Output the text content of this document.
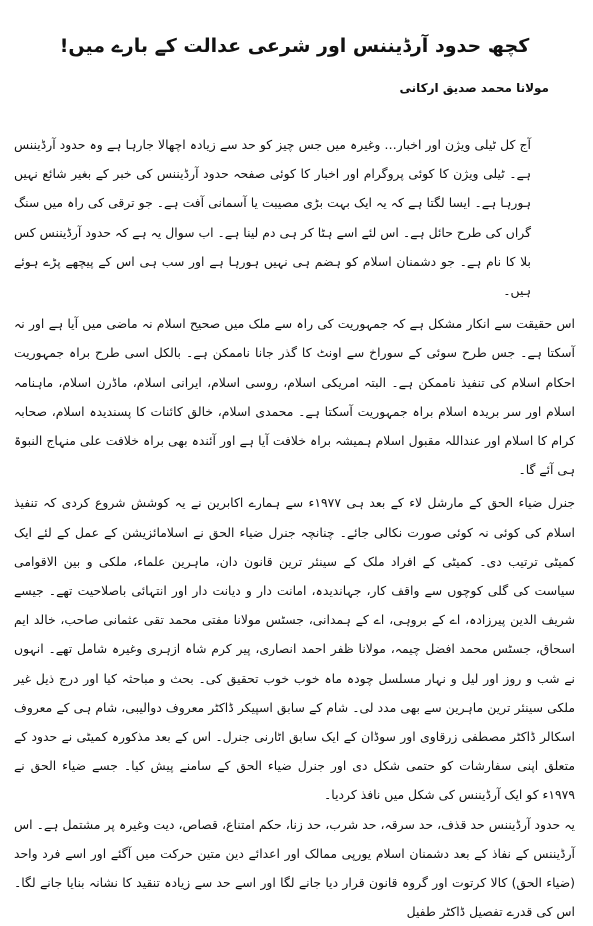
کچھ حدود آرڈیننس اور شرعی عدالت کے بارے میں!
مولانا محمد صدیق ارکانی

آج کل ٹیلی ویژن اور اخبار… وغیرہ میں جس چیز کو حد سے زیادہ اچھالا جارہا ہے وہ حدود آرڈیننس ہے۔ ٹیلی ویژن کا کوئی پروگرام اور اخبار کا کوئی صفحہ حدود آرڈیننس کی خبر کے بغیر شائع نہیں ہورہا ہے۔ ایسا لگتا ہے کہ یہ ایک بہت بڑی مصیبت یا آسمانی آفت ہے۔ جو ترقی کی راہ میں سنگ گراں کی طرح حائل ہے۔ اس لئے اسے ہٹا کر ہی دم لینا ہے۔ اب سوال یہ ہے کہ حدود آرڈیننس کس بلا کا نام ہے۔ جو دشمنان اسلام کو ہضم ہی نہیں ہورہا ہے اور سب ہی اس کے پیچھے پڑے ہوئے ہیں۔

اس حقیقت سے انکار مشکل ہے کہ جمہوریت کی راہ سے ملک میں صحیح اسلام نہ ماضی میں آیا ہے اور نہ آسکتا ہے۔ جس طرح سوئی کے سوراخ سے اونٹ کا گذر جانا ناممکن ہے۔ بالکل اسی طرح براہ جمہوریت احکام اسلام کی تنفیذ ناممکن ہے۔ البتہ امریکی اسلام، روسی اسلام، ایرانی اسلام، ماڈرن اسلام، ماہنامہ اسلام اور سر بریدہ اسلام براہ جمہوریت آسکتا ہے۔ محمدی اسلام، خالق کائنات کا پسندیدہ اسلام، صحابہ کرام کا اسلام اور عنداللہ مقبول اسلام ہمیشہ براہ خلافت آیا ہے اور آئندہ بھی براہ خلافت علی منہاج النبوۃ ہی آئے گا۔

جنرل ضیاء الحق کے مارشل لاء کے بعد ہی ۱۹۷۷ء سے ہمارے اکابرین نے یہ کوشش شروع کردی کہ تنفیذ اسلام کی کوئی نہ کوئی صورت نکالی جائے۔ چنانچہ جنرل ضیاء الحق نے اسلامائزیشن کے عمل کے لئے ایک کمیٹی ترتیب دی۔ کمیٹی کے افراد ملک کے سینئر ترین قانون دان، ماہرین علماء، ملکی و بین الاقوامی سیاست کی گلی کوچوں سے واقف کار، جہاندیدہ، امانت دار و دیانت دار اور انتہائی باصلاحیت تھے۔ جیسے شریف الدین پیرزادہ، اے کے بروہی، اے کے ہمدانی، جسٹس مولانا مفتی محمد تقی عثمانی صاحب، خالد ایم اسحاق، جسٹس محمد افضل چیمہ، مولانا ظفر احمد انصاری، پیر کرم شاہ ازہری وغیرہ شامل تھے۔ انہوں نے شب و روز اور لیل و نہار مسلسل چودہ ماہ خوب خوب تحقیق کی۔ بحث و مباحثہ کیا اور درج ذیل غیر ملکی سینئر ترین ماہرین سے بھی مدد لی۔ شام کے سابق اسپیکر ڈاکٹر معروف دوالیبی، شام ہی کے معروف اسکالر ڈاکٹر مصطفی زرقاوی اور سوڈان کے ایک سابق اٹارنی جنرل۔ اس کے بعد مذکورہ کمیٹی نے حدود کے متعلق اپنی سفارشات کو حتمی شکل دی اور جنرل ضیاء الحق کے سامنے پیش کیا۔ جسے ضیاء الحق نے ۱۹۷۹ء کو ایک آرڈیننس کی شکل میں نافذ کردیا۔

یہ حدود آرڈیننس حد قذف، حد سرقہ، حد شرب، حد زنا، حکم امتناع، قصاص، دیت وغیرہ پر مشتمل ہے۔ اس آرڈیننس کے نفاذ کے بعد دشمنان اسلام یورپی ممالک اور اعدائے دین متین حرکت میں آگئے اور اسے فرد واحد (ضیاء الحق) کالا کرتوت اور گروہ قانون قرار دیا جانے لگا اور اسے حد سے زیادہ تنقید کا نشانہ بنایا جانے لگا۔ اس کی قدرے تفصیل ڈاکٹر طفیل
